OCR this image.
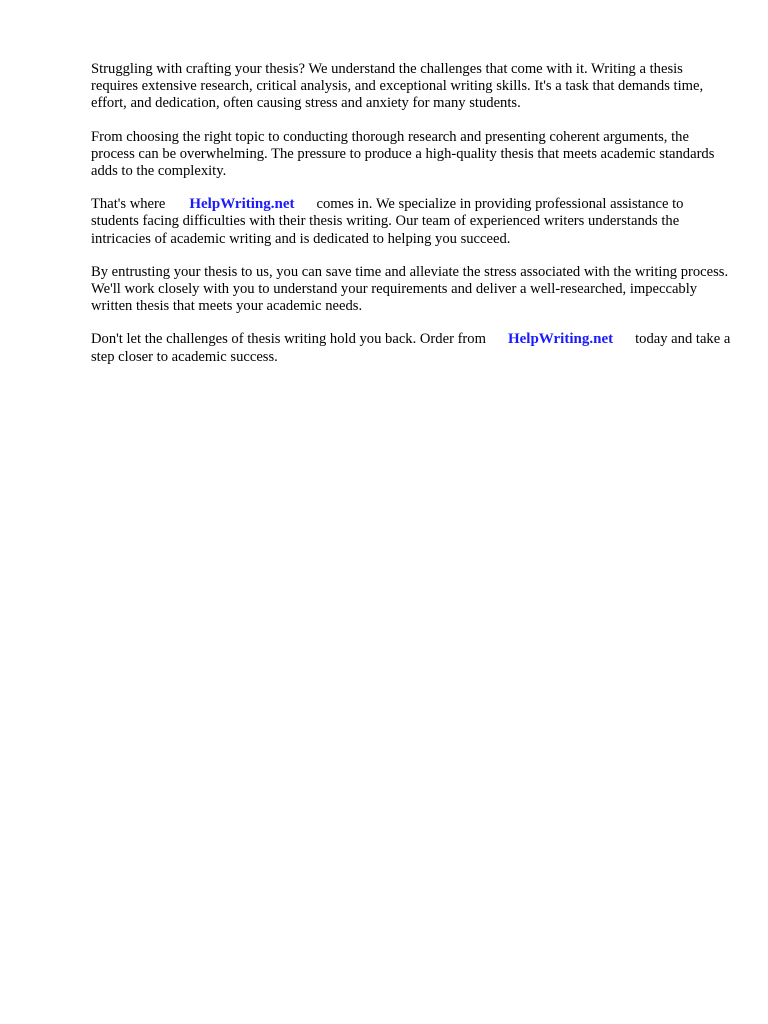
Struggling with crafting your thesis? We understand the challenges that come with it. Writing a thesis requires extensive research, critical analysis, and exceptional writing skills. It's a task that demands time, effort, and dedication, often causing stress and anxiety for many students.

From choosing the right topic to conducting thorough research and presenting coherent arguments, the process can be overwhelming. The pressure to produce a high-quality thesis that meets academic standards adds to the complexity.

That's where HelpWriting.net comes in. We specialize in providing professional assistance to students facing difficulties with their thesis writing. Our team of experienced writers understands the intricacies of academic writing and is dedicated to helping you succeed.

By entrusting your thesis to us, you can save time and alleviate the stress associated with the writing process. We'll work closely with you to understand your requirements and deliver a well-researched, impeccably written thesis that meets your academic needs.

Don't let the challenges of thesis writing hold you back. Order from HelpWriting.net today and take a step closer to academic success.
